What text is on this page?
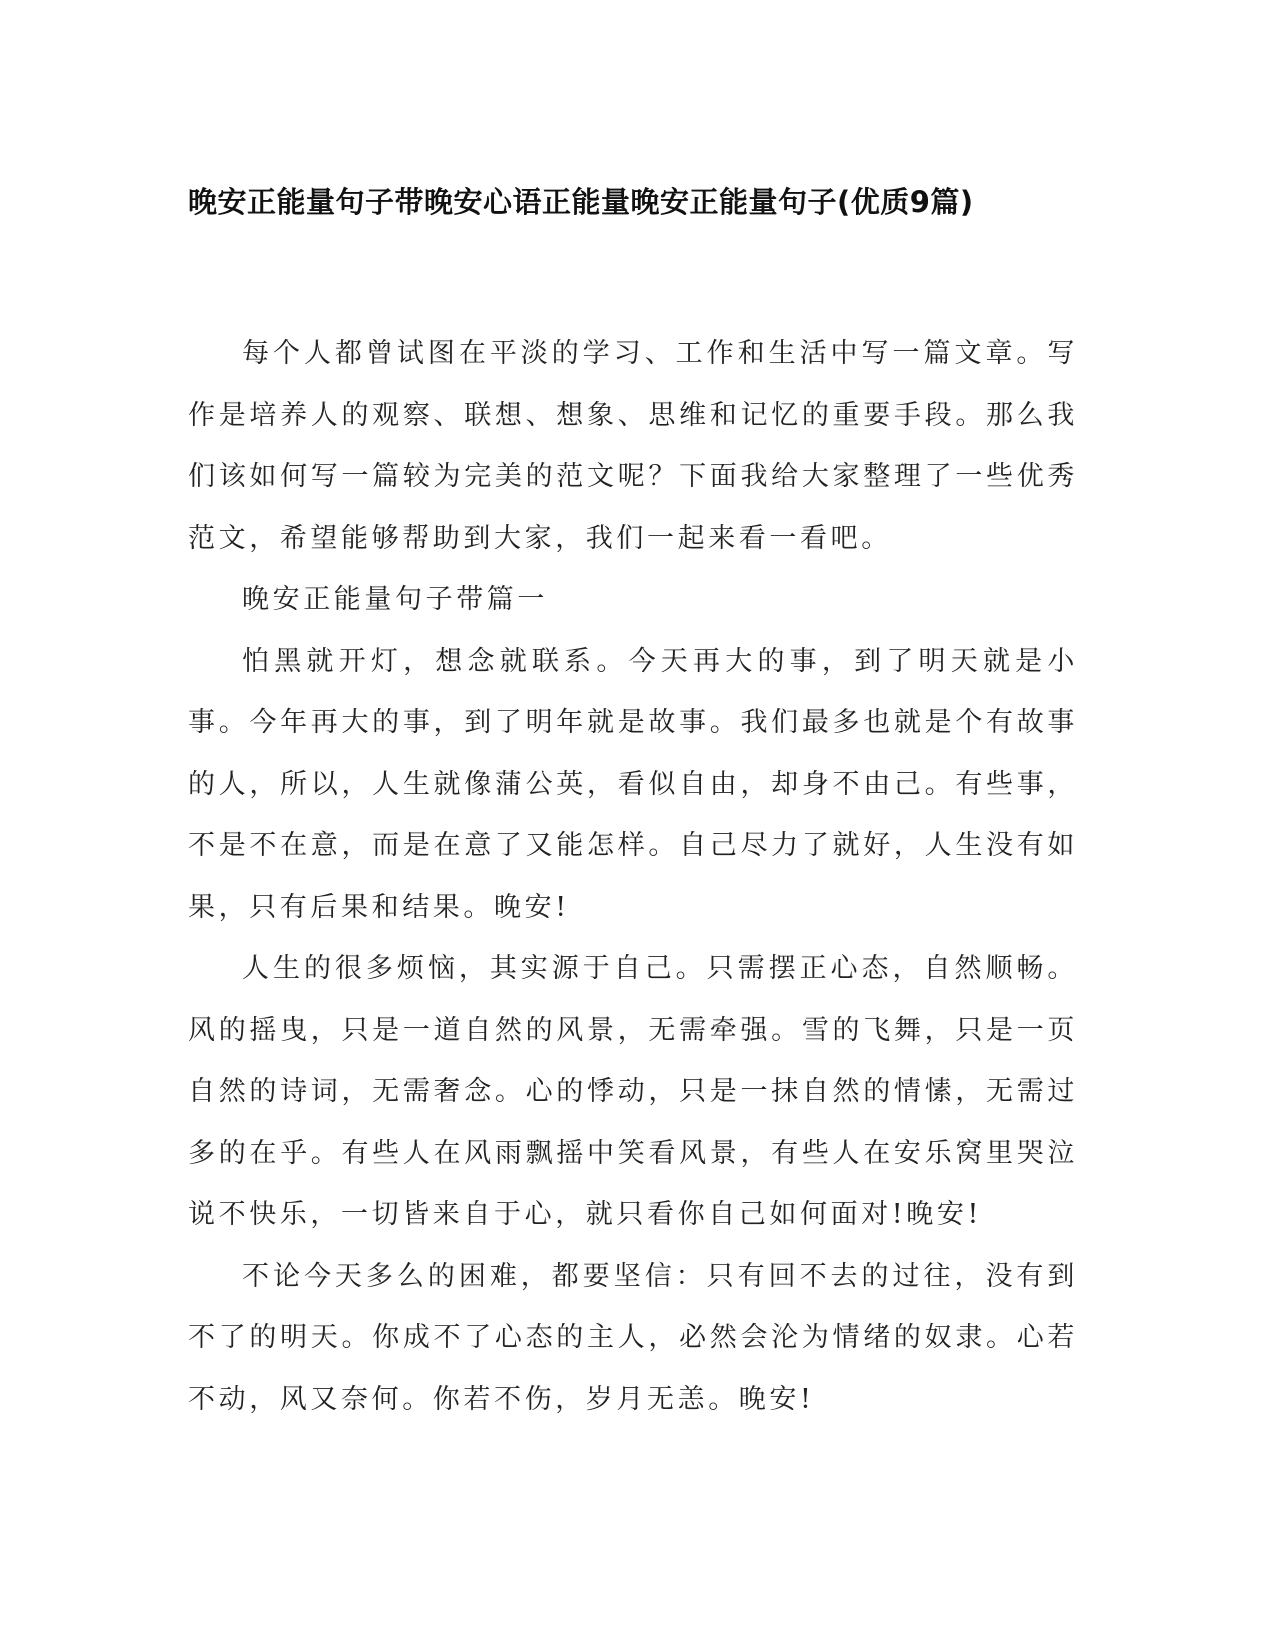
晚安正能量句子带晚安心语正能量晚安正能量句子(优质9篇)

每个人都曾试图在平淡的学习、工作和生活中写一篇文章。写作是培养人的观察、联想、想象、思维和记忆的重要手段。那么我们该如何写一篇较为完美的范文呢？下面我给大家整理了一些优秀范文，希望能够帮助到大家，我们一起来看一看吧。

晚安正能量句子带篇一

怕黑就开灯，想念就联系。今天再大的事，到了明天就是小事。今年再大的事，到了明年就是故事。我们最多也就是个有故事的人，所以，人生就像蒲公英，看似自由，却身不由己。有些事，不是不在意，而是在意了又能怎样。自己尽力了就好，人生没有如果，只有后果和结果。晚安!

人生的很多烦恼，其实源于自己。只需摆正心态，自然顺畅。风的摇曳，只是一道自然的风景，无需牵强。雪的飞舞，只是一页自然的诗词，无需奢念。心的悸动，只是一抹自然的情愫，无需过多的在乎。有些人在风雨飘摇中笑看风景，有些人在安乐窝里哭泣说不快乐，一切皆来自于心，就只看你自己如何面对!晚安!

不论今天多么的困难，都要坚信：只有回不去的过往，没有到不了的明天。你成不了心态的主人，必然会沦为情绪的奴隶。心若不动，风又奈何。你若不伤，岁月无恙。晚安!
